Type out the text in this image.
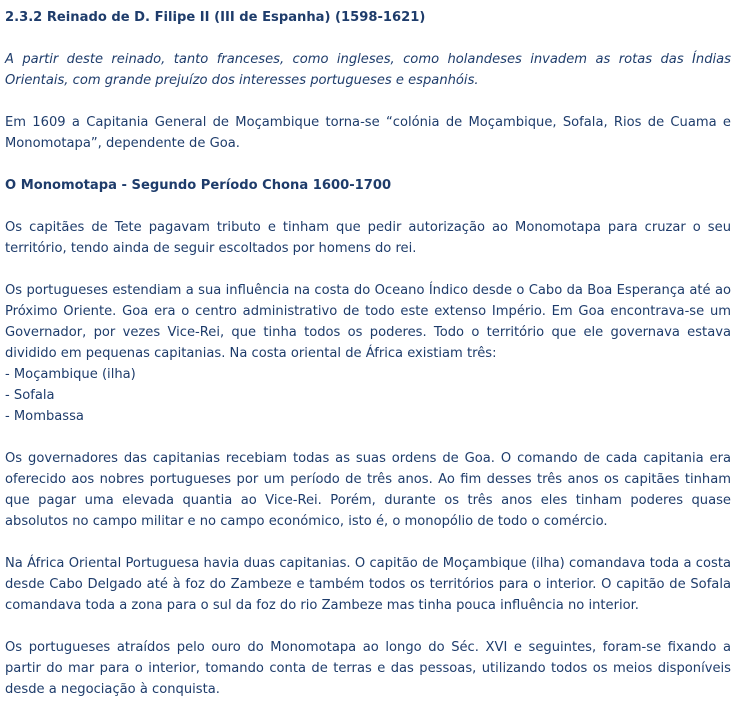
2.3.2 Reinado de D. Filipe II (III de Espanha) (1598-1621)
A partir deste reinado, tanto franceses, como ingleses, como holandeses invadem as rotas das Índias Orientais, com grande prejuízo dos interesses portugueses e espanhóis.
Em 1609 a Capitania General de Moçambique torna-se “colónia de Moçambique, Sofala, Rios de Cuama e Monomotapa”, dependente de Goa.
O Monomotapa - Segundo Período Chona 1600-1700
Os capitães de Tete pagavam tributo e tinham que pedir autorização ao Monomotapa para cruzar o seu território, tendo ainda de seguir escoltados por homens do rei.
Os portugueses estendiam a sua influência na costa do Oceano Índico desde o Cabo da Boa Esperança até ao Próximo Oriente. Goa era o centro administrativo de todo este extenso Império. Em Goa encontrava-se um Governador, por vezes Vice-Rei, que tinha todos os poderes. Todo o território que ele governava estava dividido em pequenas capitanias. Na costa oriental de África existiam três:
- Moçambique (ilha)
- Sofala
- Mombassa
Os governadores das capitanias recebiam todas as suas ordens de Goa. O comando de cada capitania era oferecido aos nobres portugueses por um período de três anos. Ao fim desses três anos os capitães tinham que pagar uma elevada quantia ao Vice-Rei. Porém, durante os três anos eles tinham poderes quase absolutos no campo militar e no campo económico, isto é, o monopólio de todo o comércio.
Na África Oriental Portuguesa havia duas capitanias. O capitão de Moçambique (ilha) comandava toda a costa desde Cabo Delgado até à foz do Zambeze e também todos os territórios para o interior. O capitão de Sofala comandava toda a zona para o sul da foz do rio Zambeze mas tinha pouca influência no interior.
Os portugueses atraídos pelo ouro do Monomotapa ao longo do Séc. XVI e seguintes, foram-se fixando a partir do mar para o interior, tomando conta de terras e das pessoas, utilizando todos os meios disponíveis desde a negociação à conquista.
